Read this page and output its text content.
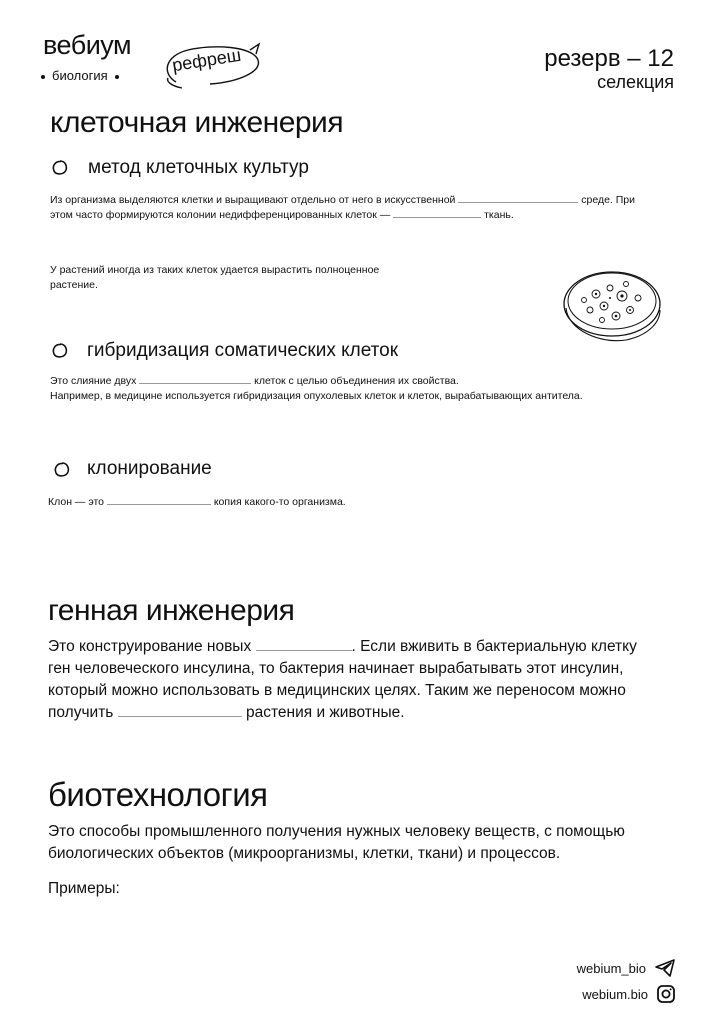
вебиум
биология
рефреш	резерв – 12
селекция
клеточная инженерия
метод клеточных культур
Из организма выделяются клетки и выращивают отдельно от него в искусственной	среде. При
этом часто формируются колонии недифференцированных клеток —	ткань.
У растений иногда из таких клеток удается вырастить полноценное растение.
гибридизация соматических клеток
Это слияние двух	клеток с целью объединения их свойства.
Например, в медицине используется гибридизация опухолевых клеток и клеток, вырабатывающих антитела.
клонирование
Клон — это	копия какого-то организма.
генная инженерия
Это конструирование новых	. Если вживить в бактериальную клетку
ген человеческого инсулина, то бактерия начинает вырабатывать этот инсулин,
который можно использовать в медицинских целях. Таким же переносом можно
получить	растения и животные.
биотехнология
Это способы промышленного получения нужных человеку веществ, с помощью
биологических объектов (микроорганизмы, клетки, ткани) и процессов.
Примеры:
webium_bio
webium.bio
